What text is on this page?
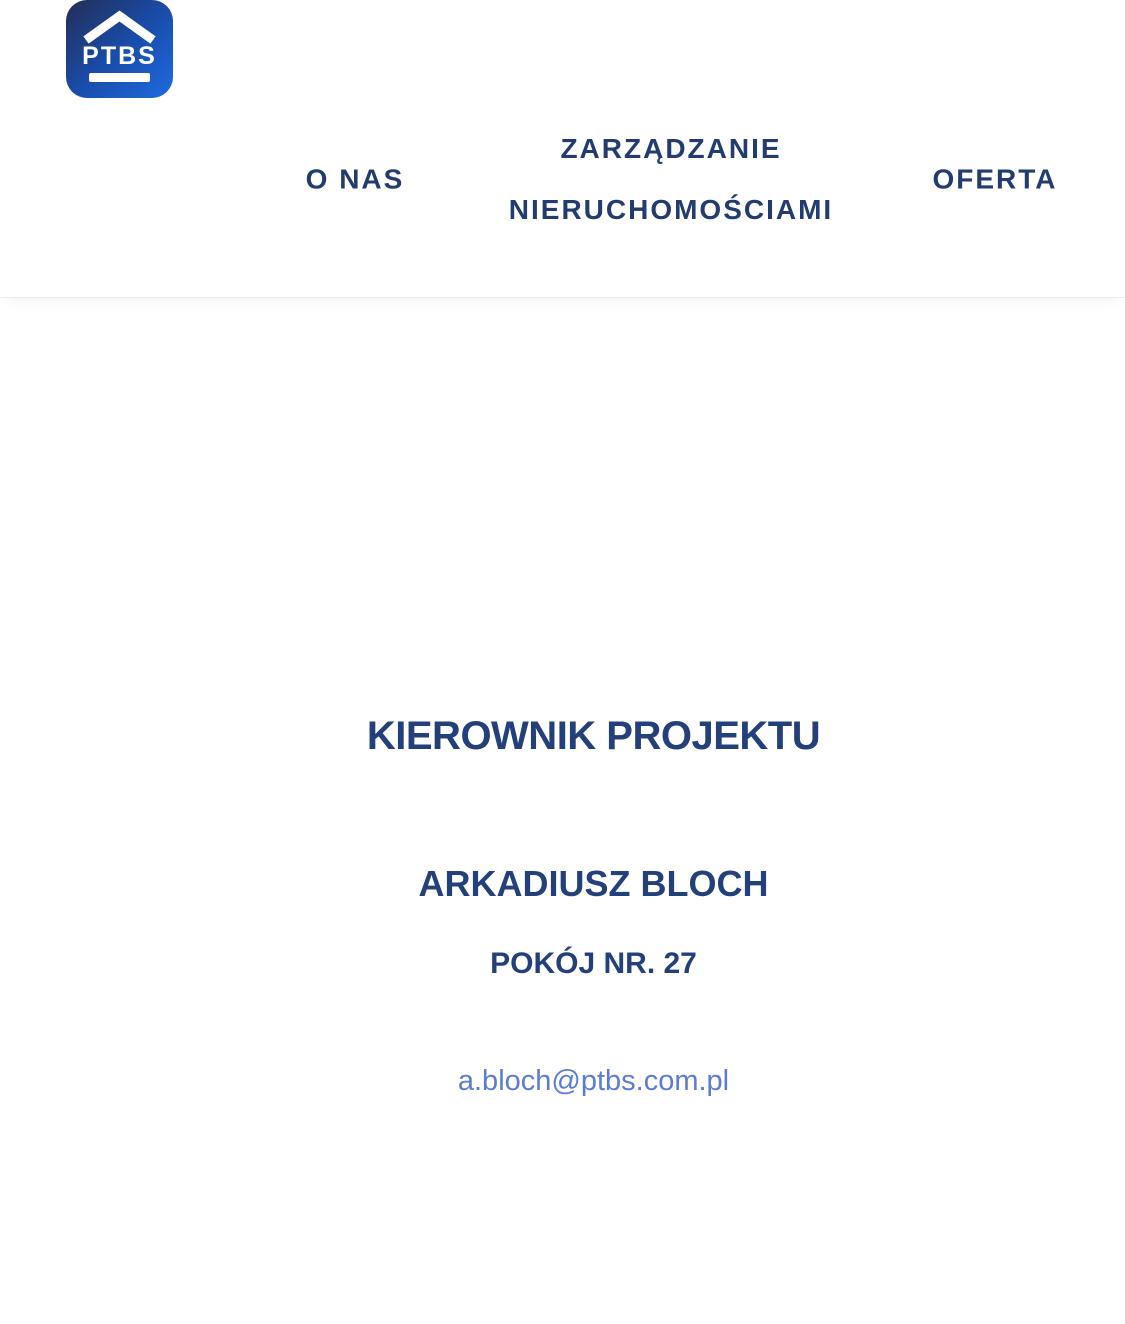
PTBS
O NAS
ZARZĄDZANIE NIERUCHOMOŚCIAMI
OFERTA
KIEROWNIK PROJEKTU
ARKADIUSZ BLOCH
POKÓJ NR. 27
a.bloch@ptbs.com.pl
